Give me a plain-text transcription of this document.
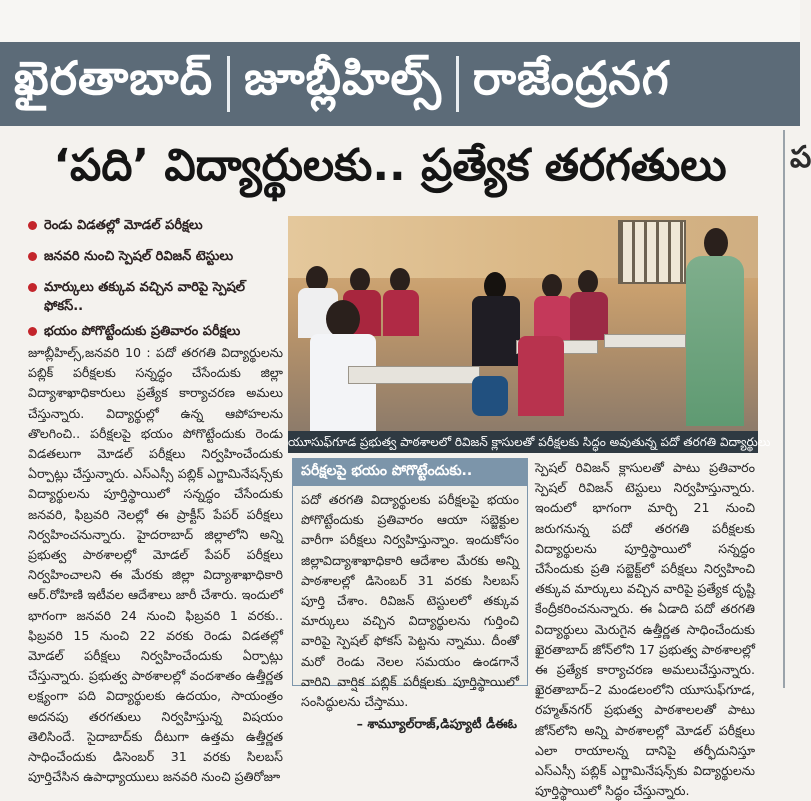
ఖైరతాబాద్ జూబ్లీహిల్స్ రాజేంద్రనగ
‘పది’ విద్యార్థులకు.. ప్రత్యేక తరగతులు	ప
రెండు విడతల్లో మోడల్ పరీక్షలు
జనవరి నుంచి స్పెషల్ రివిజన్ టెస్టులు
మార్కులు తక్కువ వచ్చిన వారిపై స్పెషల్ ఫోకస్..
భయం పోగొట్టేందుకు ప్రతివారం పరీక్షలు
యూసుఫ్‌గూడ ప్రభుత్వ పాఠశాలలో రివిజన్ క్లాసులతో పరీక్షలకు సిద్ధం అవుతున్న పదో తరగతి విద్యార్థులు
జూబ్లీహిల్స్,జనవరి 10 : పదో తరగతి విద్యార్థులను పబ్లిక్ పరీక్షలకు సన్నద్ధం చేసేందుకు జిల్లా విద్యాశాఖాధికారులు ప్రత్యేక కార్యాచరణ అమలు చేస్తున్నారు. విద్యార్థుల్లో ఉన్న ఆపోహలను తొలగించి.. పరీక్షలపై భయం పోగొట్టేందుకు రెండు విడతలుగా మోడల్ పరీక్షలు నిర్వహించేందుకు ఏర్పాట్లు చేస్తున్నారు. ఎస్ఎస్సీ పబ్లిక్ ఎగ్జామినేషన్స్‌కు విద్యార్థులను పూర్తిస్థాయిలో సన్నద్ధం చేసేందుకు జనవరి, ఫిబ్రవరి నెలల్లో ఈ ప్రాక్టీస్ పేపర్ పరీక్షలు నిర్వహించనున్నారు. హైదరాబాద్ జిల్లాలోని అన్ని ప్రభుత్వ పాఠశాలల్లో మోడల్ పేపర్ పరీక్షలు నిర్వహించాలని ఈ మేరకు జిల్లా విద్యాశాఖాధికారి ఆర్.రోహిణి ఇటీవల ఆదేశాలు జారీ చేశారు. ఇందులో భాగంగా జనవరి 24 నుంచి ఫిబ్రవరి 1 వరకు.. ఫిబ్రవరి 15 నుంచి 22 వరకు రెండు విడతల్లో మోడల్ పరీక్షలు నిర్వహించేందుకు ఏర్పాట్లు చేస్తున్నారు. ప్రభుత్వ పాఠశాలల్లో వందశాతం ఉత్తీర్ణత లక్ష్యంగా పది విద్యార్థులకు ఉదయం, సాయంత్రం అదనపు తరగతులు నిర్వహిస్తున్న విషయం తెలిసిందే. సైదాబాద్‌కు దీటుగా ఉత్తమ ఉత్తీర్ణత సాధించేందుకు డిసెంబర్ 31 వరకు సిలబస్ పూర్తిచేసిన ఉపాధ్యాయులు జనవరి నుంచి ప్రతిరోజూ
పరీక్షలపై భయం పోగొట్టేందుకు..
పదో తరగతి విద్యార్థులకు పరీక్షలపై భయం పోగొట్టేందుకు ప్రతివారం ఆయా సబ్జెక్టుల వారీగా పరీక్షలు నిర్వహిస్తున్నాం. ఇందుకోసం జిల్లావిద్యాశాఖాధికారి ఆదేశాల మేరకు అన్ని పాఠశాలల్లో డిసెంబర్ 31 వరకు సిలబస్ పూర్తి చేశాం. రివిజన్ టెస్టులలో తక్కువ మార్కులు వచ్చిన విద్యార్థులను గుర్తించి వారిపై స్పెషల్ ఫోకస్ పెట్టను న్నాము. దీంతో మరో రెండు నెలల సమయం ఉండగానే వారిని వార్షిక పబ్లిక్ పరీక్షలకు పూర్తిస్థాయిలో సంసిద్ధులను చేస్తాము.
– శామ్యూల్‌రాజ్,డిప్యూటీ డీఈఓ
స్పెషల్ రివిజన్ క్లాసులతో పాటు ప్రతివారం స్పెషల్ రివిజన్ టెస్టులు నిర్వహిస్తున్నారు. ఇందులో భాగంగా మార్చి 21 నుంచి జరుగనున్న పదో తరగతి పరీక్షలకు విద్యార్థులను పూర్తిస్థాయిలో సన్నద్ధం చేసేందుకు ప్రతి సబ్జెక్ట్‌లో పరీక్షలు నిర్వహించి తక్కువ మార్కులు వచ్చిన వారిపై ప్రత్యేక దృష్టి కేంద్రీకరించనున్నారు. ఈ ఏడాది పదో తరగతి విద్యార్థులు మెరుగైన ఉత్తీర్ణత సాధించేందుకు ఖైరతాబాద్ జోన్‌లోని 17 ప్రభుత్వ పాఠశాలల్లో ఈ ప్రత్యేక కార్యాచరణ అమలుచేస్తున్నారు. ఖైరతాబాద్–2 మండలంలోని యూసుఫ్‌గూడ, రహ్మత్‌నగర్ ప్రభుత్వ పాఠశాలలతో పాటు జోన్‌లోని అన్ని పాఠశాలల్లో మోడల్ పరీక్షలు ఎలా రాయాలన్న దానిపై తర్ఫీదునిస్తూ ఎస్ఎస్సీ పబ్లిక్ ఎగ్జామినేషన్స్‌కు విద్యార్థులను పూర్తిస్థాయిలో సిద్ధం చేస్తున్నారు.
